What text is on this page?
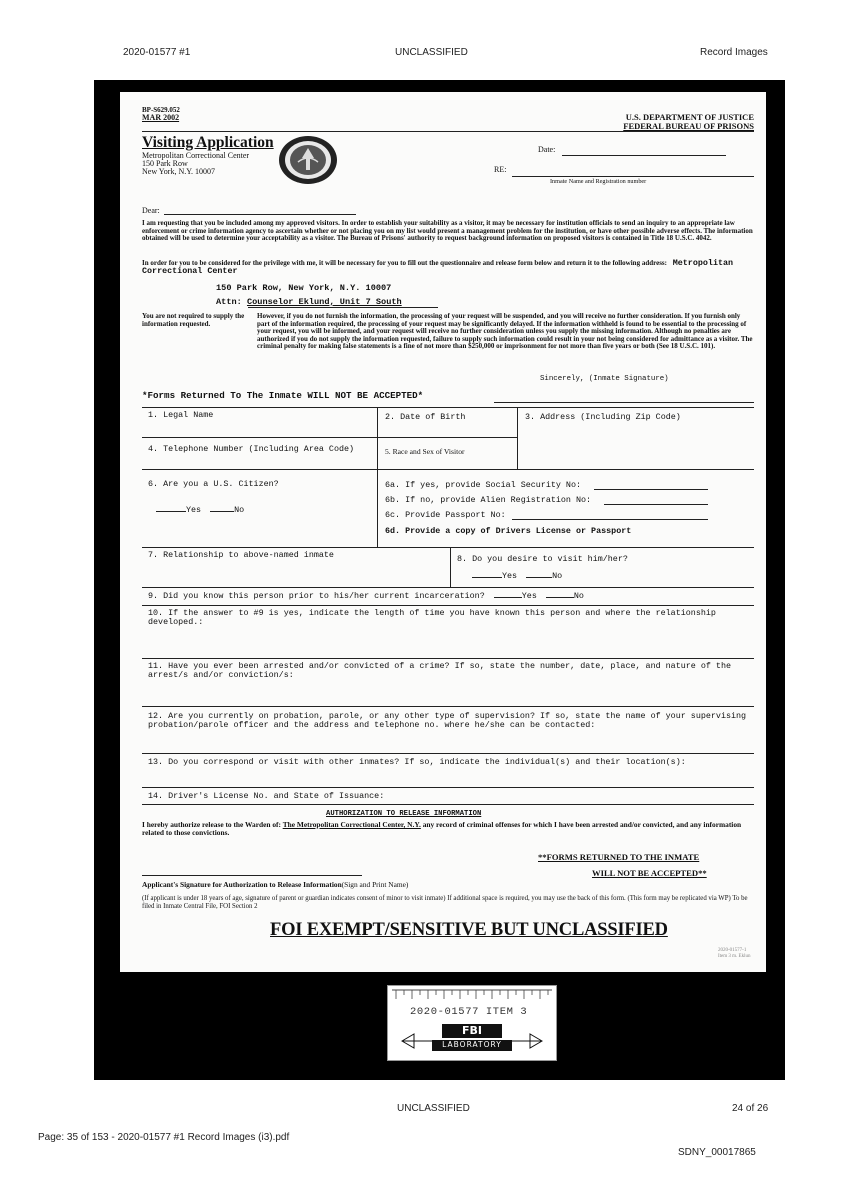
2020-01577 #1	UNCLASSIFIED	Record Images
BP-S629.052
MAR 2002	U.S. DEPARTMENT OF JUSTICE
FEDERAL BUREAU OF PRISONS
Visiting Application
Metropolitan Correctional Center
150 Park Row
New York, N.Y. 10007
Date:
RE:
Inmate Name and Registration number
Dear:
I am requesting that you be included among my approved visitors. In order to establish your suitability as a visitor, it may be necessary for institution officials to send an inquiry to an appropriate law enforcement or crime information agency to ascertain whether or not placing you on my list would present a management problem for the institution, or have other possible adverse effects. The information obtained will be used to determine your acceptability as a visitor. The Bureau of Prisons' authority to request background information on proposed visitors is contained in Title 18 U.S.C. 4042.
In order for you to be considered for the privilege with me, it will be necessary for you to fill out the questionnaire and release form below and return it to the following address: Metropolitan Correctional Center
150 Park Row, New York, N.Y. 10007
Attn: Counselor Eklund, Unit 7 South
You are not required to supply the information requested.
However, if you do not furnish the information, the processing of your request will be suspended, and you will receive no further consideration. If you furnish only part of the information required, the processing of your request may be significantly delayed. If the information withheld is found to be essential to the processing of your request, you will be informed, and your request will receive no further consideration unless you supply the missing information. Although no penalties are authorized if you do not supply the information requested, failure to supply such information could result in your not being considered for admittance as a visitor. The criminal penalty for making false statements is a fine of not more than $250,000 or imprisonment for not more than five years or both (See 18 U.S.C. 101).
Sincerely, (Inmate Signature)
*Forms Returned To The Inmate WILL NOT BE ACCEPTED*
1. Legal Name	2. Date of Birth	3. Address (Including Zip Code)
4. Telephone Number (Including Area Code)	5. Race and Sex of Visitor
6. Are you a U.S. Citizen?
Yes	No
6a. If yes, provide Social Security No:
6b. If no, provide Alien Registration No:
6c. Provide Passport No:
6d. Provide a copy of Drivers License or Passport
7. Relationship to above-named inmate	8. Do you desire to visit him/her?
Yes	No
9. Did you know this person prior to his/her current incarceration?	Yes	No
10. If the answer to #9 is yes, indicate the length of time you have known this person and where the relationship developed.:
11. Have you ever been arrested and/or convicted of a crime? If so, state the number, date, place, and nature of the arrest/s and/or conviction/s:
12. Are you currently on probation, parole, or any other type of supervision? If so, state the name of your supervising probation/parole officer and the address and telephone no. where he/she can be contacted:
13. Do you correspond or visit with other inmates? If so, indicate the individual(s) and their location(s):
14. Driver's License No. and State of Issuance:
AUTHORIZATION TO RELEASE INFORMATION
I hereby authorize release to the Warden of: The Metropolitan Correctional Center, N.Y. any record of criminal offenses for which I have been arrested and/or convicted, and any information related to those convictions.
**FORMS RETURNED TO THE INMATE
WILL NOT BE ACCEPTED**
Applicant's Signature for Authorization to Release Information(Sign and Print Name)
(If applicant is under 18 years of age, signature of parent or guardian indicates consent of minor to visit inmate) If additional space is required, you may use the back of this form. (This form may be replicated via WP) To be filed in Inmate Central File, FOI Section 2
FOI EXEMPT/SENSITIVE BUT UNCLASSIFIED
2020-01577-1
Item 3 m. Eklun
2020-01577 ITEM 3
FBI
LABORATORY
UNCLASSIFIED	24 of 26
Page: 35 of 153 - 2020-01577 #1 Record Images (i3).pdf
SDNY_00017865
